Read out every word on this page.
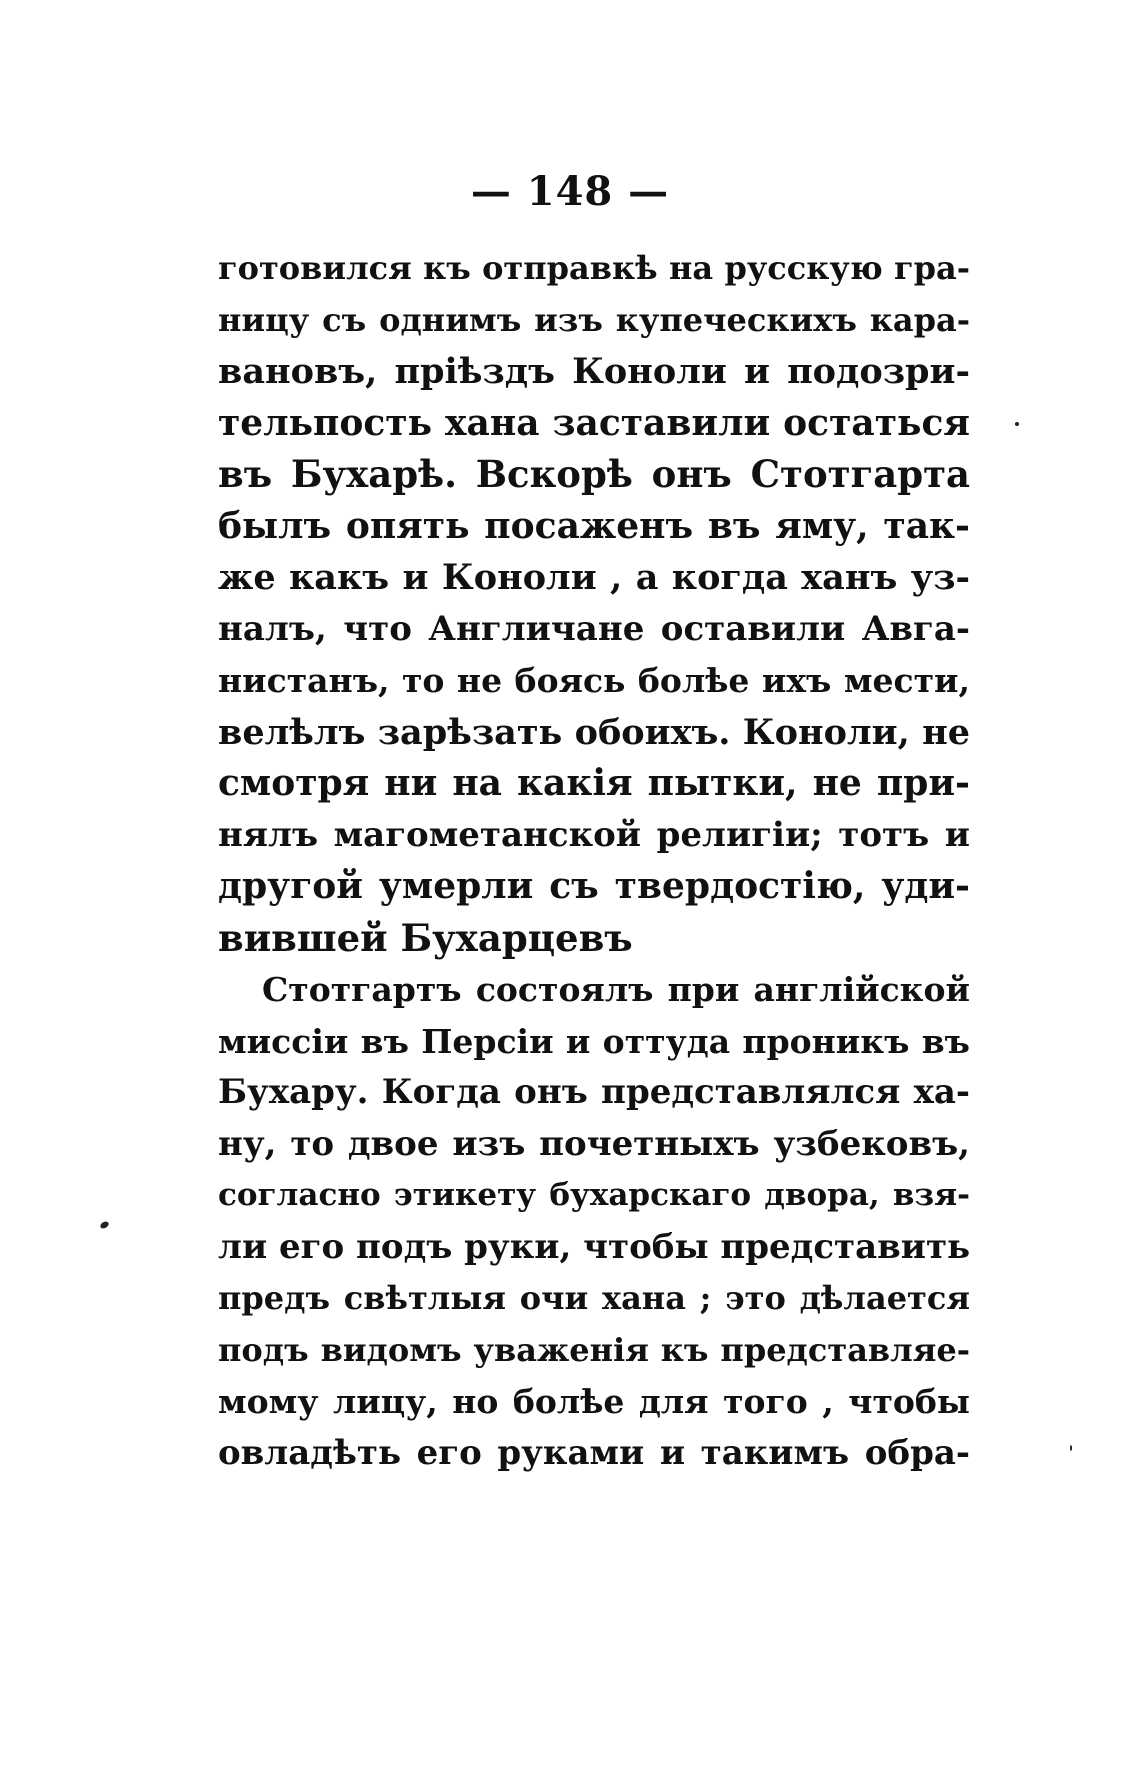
— 148 —
готовился къ отправкѣ на русскую гра-
ницу съ однимъ изъ купеческихъ кара-
вановъ, пріѣздъ Коноли и подозри-
тельпость хана заставили остаться
въ Бухарѣ. Вскорѣ онъ Стотгарта
былъ опять посаженъ въ яму, так-
же какъ и Коноли , а когда ханъ уз-
налъ, что Англичане оставили Авга-
нистанъ, то не боясь болѣе ихъ мести,
велѣлъ зарѣзать обоихъ. Коноли, не
смотря ни на какія пытки, не при-
нялъ магометанской религіи; тотъ и
другой умерли съ твердостію, уди-
вившей Бухарцевъ
Стотгартъ состоялъ при англійской
миссіи въ Персіи и оттуда проникъ въ
Бухару. Когда онъ представлялся ха-
ну, то двое изъ почетныхъ узбековъ,
согласно этикету бухарскаго двора, взя-
ли его подъ руки, чтобы представить
предъ свѣтлыя очи хана ; это дѣлается
подъ видомъ уваженія къ представляе-
мому лицу, но болѣе для того , чтобы
овладѣть его руками и такимъ обра-
